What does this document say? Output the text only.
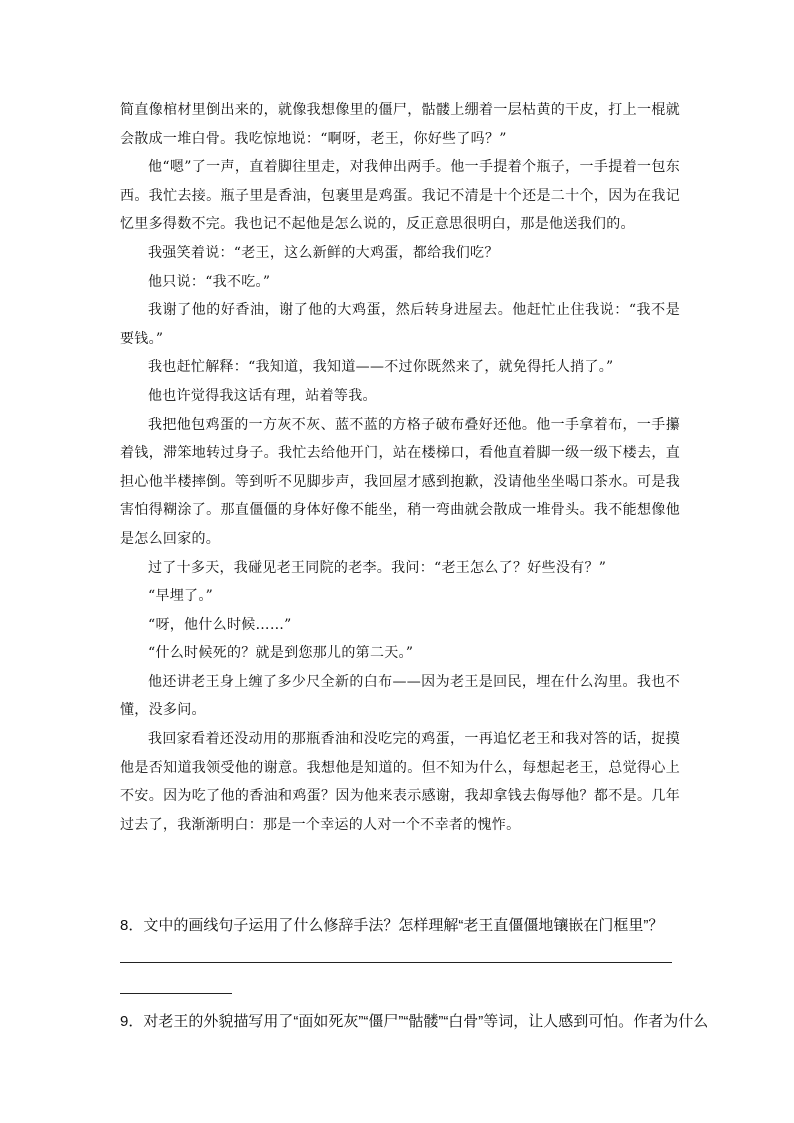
简直像棺材里倒出来的，就像我想像里的僵尸，骷髅上绷着一层枯黄的干皮，打上一棍就会散成一堆白骨。我吃惊地说：“啊呀，老王，你好些了吗？”

他“嗯”了一声，直着脚往里走，对我伸出两手。他一手提着个瓶子，一手提着一包东西。我忙去接。瓶子里是香油，包裹里是鸡蛋。我记不清是十个还是二十个，因为在我记忆里多得数不完。我也记不起他是怎么说的，反正意思很明白，那是他送我们的。

我强笑着说：“老王，这么新鲜的大鸡蛋，都给我们吃？

他只说：“我不吃。”

我谢了他的好香油，谢了他的大鸡蛋，然后转身进屋去。他赶忙止住我说：“我不是要钱。”

我也赶忙解释：“我知道，我知道——不过你既然来了，就免得托人捎了。”

他也许觉得我这话有理，站着等我。

我把他包鸡蛋的一方灰不灰、蓝不蓝的方格子破布叠好还他。他一手拿着布，一手攥着钱，滞笨地转过身子。我忙去给他开门，站在楼梯口，看他直着脚一级一级下楼去，直担心他半楼摔倒。等到听不见脚步声，我回屋才感到抱歉，没请他坐坐喝口茶水。可是我害怕得糊涂了。那直僵僵的身体好像不能坐，稍一弯曲就会散成一堆骨头。我不能想像他是怎么回家的。

过了十多天，我碰见老王同院的老李。我问：“老王怎么了？好些没有？”

“早埋了。”

“呀，他什么时候……”

“什么时候死的？就是到您那儿的第二天。”

他还讲老王身上缠了多少尺全新的白布——因为老王是回民，埋在什么沟里。我也不懂，没多问。

我回家看着还没动用的那瓶香油和没吃完的鸡蛋，一再追忆老王和我对答的话，捉摸他是否知道我领受他的谢意。我想他是知道的。但不知为什么，每想起老王，总觉得心上不安。因为吃了他的香油和鸡蛋？因为他来表示感谢，我却拿钱去侮辱他？都不是。几年过去了，我渐渐明白：那是一个幸运的人对一个不幸者的愧怍。

8．文中的画线句子运用了什么修辞手法？怎样理解“老王直僵僵地镶嵌在门框里”？
9．对老王的外貌描写用了“面如死灰”“僵尸”“骷髅”“白骨”等词，让人感到可怕。作者为什么
